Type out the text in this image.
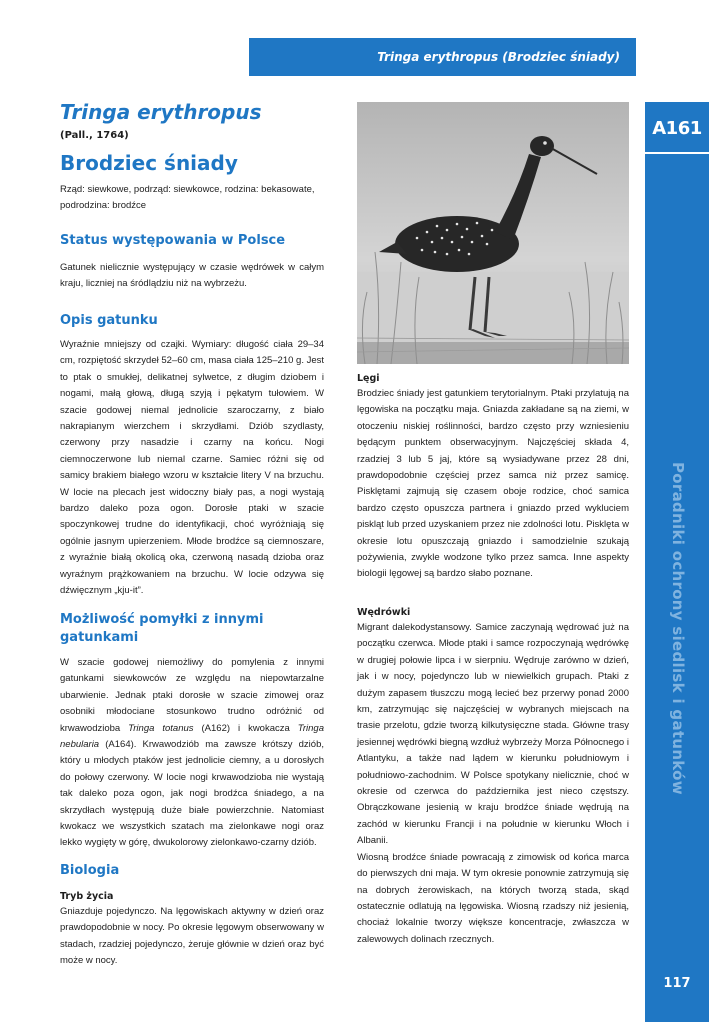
Tringa erythropus (Brodziec śniady)
A161
Poradniki ochrony siedlisk i gatunków
117
Tringa erythropus
(Pall., 1764)
Brodziec śniady
Rząd: siewkowe, podrząd: siewkowce, rodzina: bekasowate,
podrodzina: brodźce
Status występowania w Polsce

Gatunek nielicznie występujący w czasie wędrówek w całym kraju, liczniej na śródlądziu niż na wybrzeżu.

Opis gatunku

Wyraźnie mniejszy od czajki. Wymiary: długość ciała 29–34 cm, rozpiętość skrzydeł 52–60 cm, masa ciała 125–210 g. Jest to ptak o smukłej, delikatnej sylwetce, z długim dziobem i nogami, małą głową, długą szyją i pękatym tułowiem. W szacie godowej niemal jednolicie szaroczarny, z biało nakrapianym wierzchem i skrzydłami. Dziób szydlasty, czerwony przy nasadzie i czarny na końcu. Nogi ciemnoczerwone lub niemal czarne. Samiec różni się od samicy brakiem białego wzoru w kształcie litery V na brzuchu. W locie na plecach jest widoczny biały pas, a nogi wystają bardzo daleko poza ogon. Dorosłe ptaki w szacie spoczynkowej trudne do identyfikacji, choć wyróżniają się ogólnie jasnym upierzeniem. Młode brodźce są ciemnoszare, z wyraźnie białą okolicą oka, czerwoną nasadą dzioba oraz wyraźnym prążkowaniem na brzuchu. W locie odzywa się dźwięcznym „kju-it”.

Możliwość pomyłki z innymi
gatunkami

W szacie godowej niemożliwy do pomylenia z innymi gatunkami siewkowców ze względu na niepowtarzalne ubarwienie. Jednak ptaki dorosłe w szacie zimowej oraz osobniki młodociane stosunkowo trudno odróżnić od krwawodzioba Tringa totanus (A162) i kwokacza Tringa nebularia (A164). Krwawodziób ma zawsze krótszy dziób, który u młodych ptaków jest jednolicie ciemny, a u dorosłych do połowy czerwony. W locie nogi krwawodzioba nie wystają tak daleko poza ogon, jak nogi brodźca śniadego, a na skrzydłach występują duże białe powierzchnie. Natomiast kwokacz we wszystkich szatach ma zielonkawe nogi oraz lekko wygięty w górę, dwukolorowy zielonkawo-czarny dziób.

Biologia

Tryb życia

Gniazduje pojedynczo. Na lęgowiskach aktywny w dzień oraz prawdopodobnie w nocy. Po okresie lęgowym obserwowany w stadach, rzadziej pojedynczo, żeruje głównie w dzień oraz być może w nocy.

Lęgi

Brodziec śniady jest gatunkiem terytorialnym. Ptaki przylatują na lęgowiska na początku maja. Gniazda zakładane są na ziemi, w otoczeniu niskiej roślinności, bardzo często przy wzniesieniu będącym punktem obserwacyjnym. Najczęściej składa 4, rzadziej 3 lub 5 jaj, które są wysiadywane przez 28 dni, prawdopodobnie częściej przez samca niż przez samicę. Pisklętami zajmują się czasem oboje rodzice, choć samica bardzo często opuszcza partnera i gniazdo przed wykluciem piskląt lub przed uzyskaniem przez nie zdolności lotu. Pisklęta w okresie lotu opuszczają gniazdo i samodzielnie szukają pożywienia, zwykle wodzone tylko przez samca. Inne aspekty biologii lęgowej są bardzo słabo poznane.

Wędrówki

Migrant dalekodystansowy. Samice zaczynają wędrować już na początku czerwca. Młode ptaki i samce rozpoczynają wędrówkę w drugiej połowie lipca i w sierpniu. Wędruje zarówno w dzień, jak i w nocy, pojedynczo lub w niewielkich grupach. Ptaki z dużym zapasem tłuszczu mogą lecieć bez przerwy ponad 2000 km, zatrzymując się najczęściej w wybranych miejscach na trasie przelotu, gdzie tworzą kilkutysięczne stada. Główne trasy jesiennej wędrówki biegną wzdłuż wybrzeży Morza Północnego i Atlantyku, a także nad lądem w kierunku południowym i południowo-zachodnim. W Polsce spotykany nielicznie, choć w okresie od czerwca do października jest nieco częstszy. Obrączkowane jesienią w kraju brodźce śniade wędrują na zachód w kierunku Francji i na południe w kierunku Włoch i Albanii.

Wiosną brodźce śniade powracają z zimowisk od końca marca do pierwszych dni maja. W tym okresie ponownie zatrzymują się na dobrych żerowiskach, na których tworzą stada, skąd ostatecznie odlatują na lęgowiska. Wiosną rzadszy niż jesienią, chociaż lokalnie tworzy większe koncentracje, zwłaszcza w zalewowych dolinach rzecznych.
